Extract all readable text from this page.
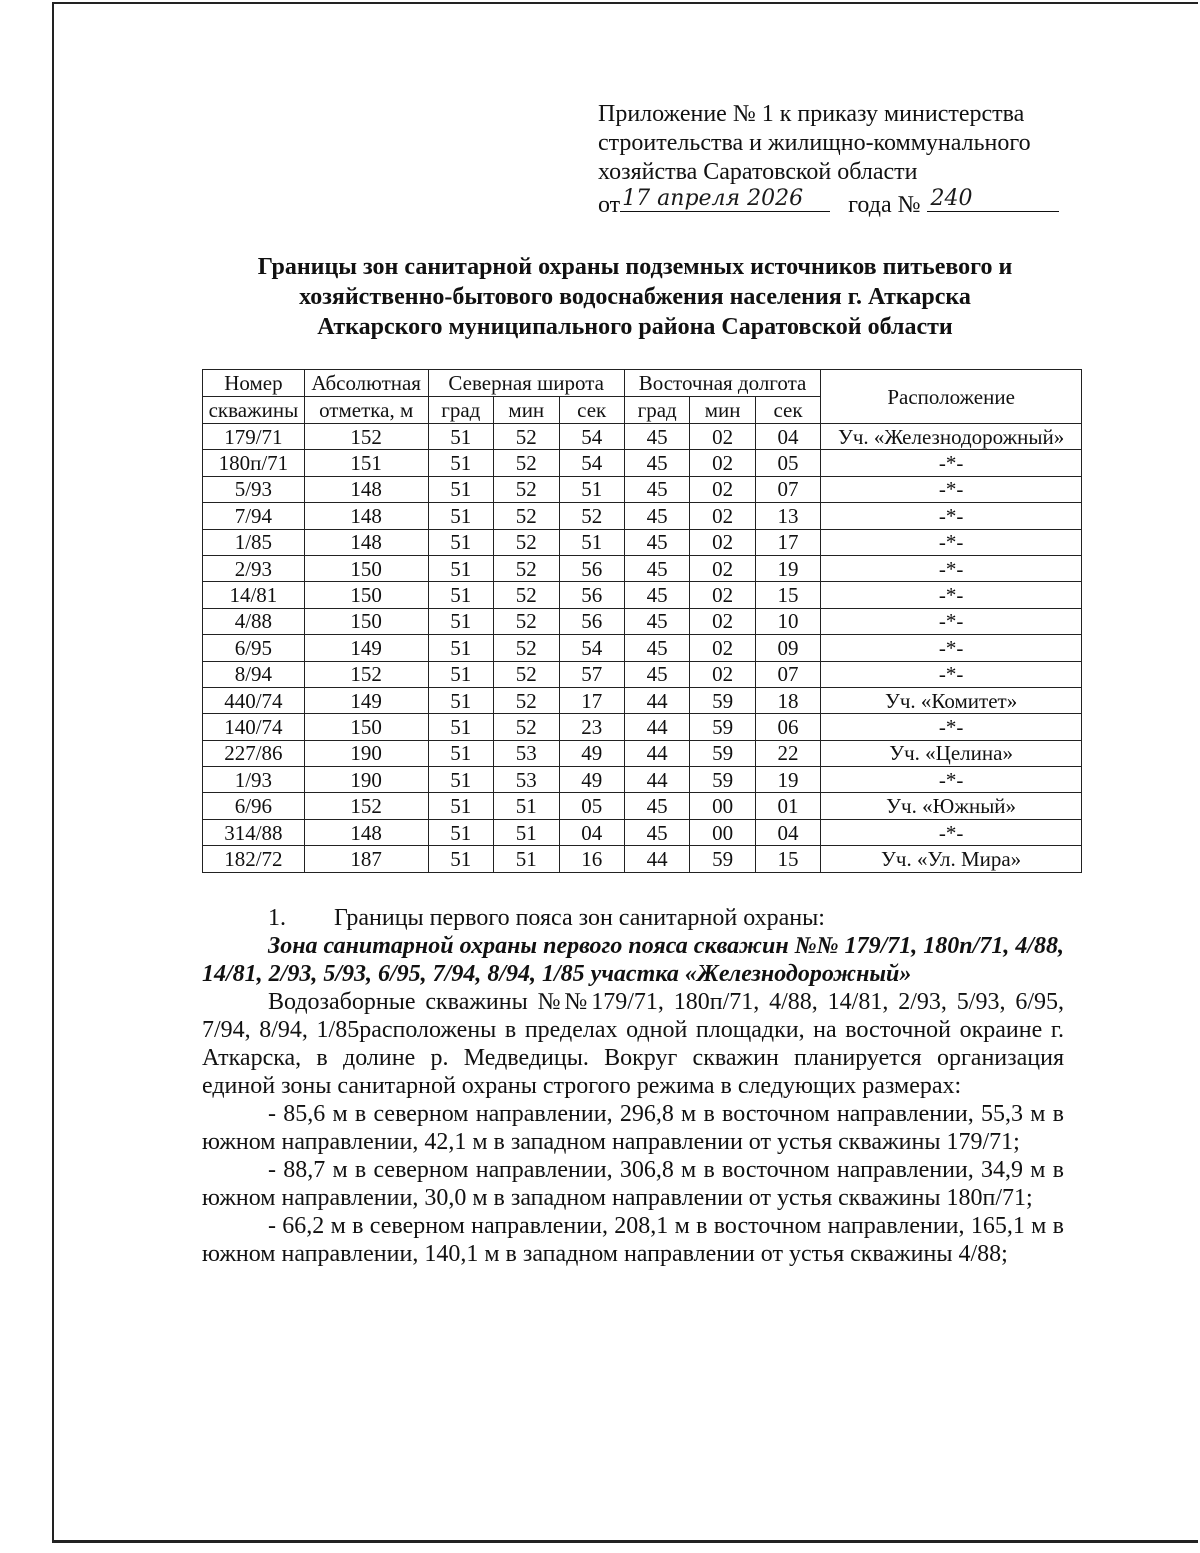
Приложение № 1 к приказу министерства
строительства и жилищно-коммунального
хозяйства Саратовской области
от 17 апреля 2026 года № 240
Границы зон санитарной охраны подземных источников питьевого и
хозяйственно-бытового водоснабжения населения г. Аткарска
Аткарского муниципального района Саратовской области
Номер	Абсолютная	Северная широта			Восточная долгота			Расположение
скважины	отметка, м	град	мин	сек	град	мин	сек	
179/71	152	51	52	54	45	02	04	Уч. «Железнодорожный»
180п/71	151	51	52	54	45	02	05	-*-
5/93	148	51	52	51	45	02	07	-*-
7/94	148	51	52	52	45	02	13	-*-
1/85	148	51	52	51	45	02	17	-*-
2/93	150	51	52	56	45	02	19	-*-
14/81	150	51	52	56	45	02	15	-*-
4/88	150	51	52	56	45	02	10	-*-
6/95	149	51	52	54	45	02	09	-*-
8/94	152	51	52	57	45	02	07	-*-
440/74	149	51	52	17	44	59	18	Уч. «Комитет»
140/74	150	51	52	23	44	59	06	-*-
227/86	190	51	53	49	44	59	22	Уч. «Целина»
1/93	190	51	53	49	44	59	19	-*-
6/96	152	51	51	05	45	00	01	Уч. «Южный»
314/88	148	51	51	04	45	00	04	-*-
182/72	187	51	51	16	44	59	15	Уч. «Ул. Мира»

1. Границы первого пояса зон санитарной охраны:

Зона санитарной охраны первого пояса скважин №№ 179/71, 180п/71, 4/88, 14/81, 2/93, 5/93, 6/95, 7/94, 8/94, 1/85 участка «Железнодорожный»

Водозаборные скважины №№179/71, 180п/71, 4/88, 14/81, 2/93, 5/93, 6/95, 7/94, 8/94, 1/85расположены в пределах одной площадки, на восточной окраине г. Аткарска, в долине р. Медведицы. Вокруг скважин планируется организация единой зоны санитарной охраны строгого режима в следующих размерах:

- 85,6 м в северном направлении, 296,8 м в восточном направлении, 55,3 м в южном направлении, 42,1 м в западном направлении от устья скважины 179/71;

- 88,7 м в северном направлении, 306,8 м в восточном направлении, 34,9 м в южном направлении, 30,0 м в западном направлении от устья скважины 180п/71;

- 66,2 м в северном направлении, 208,1 м в восточном направлении, 165,1 м в южном направлении, 140,1 м в западном направлении от устья скважины 4/88;
